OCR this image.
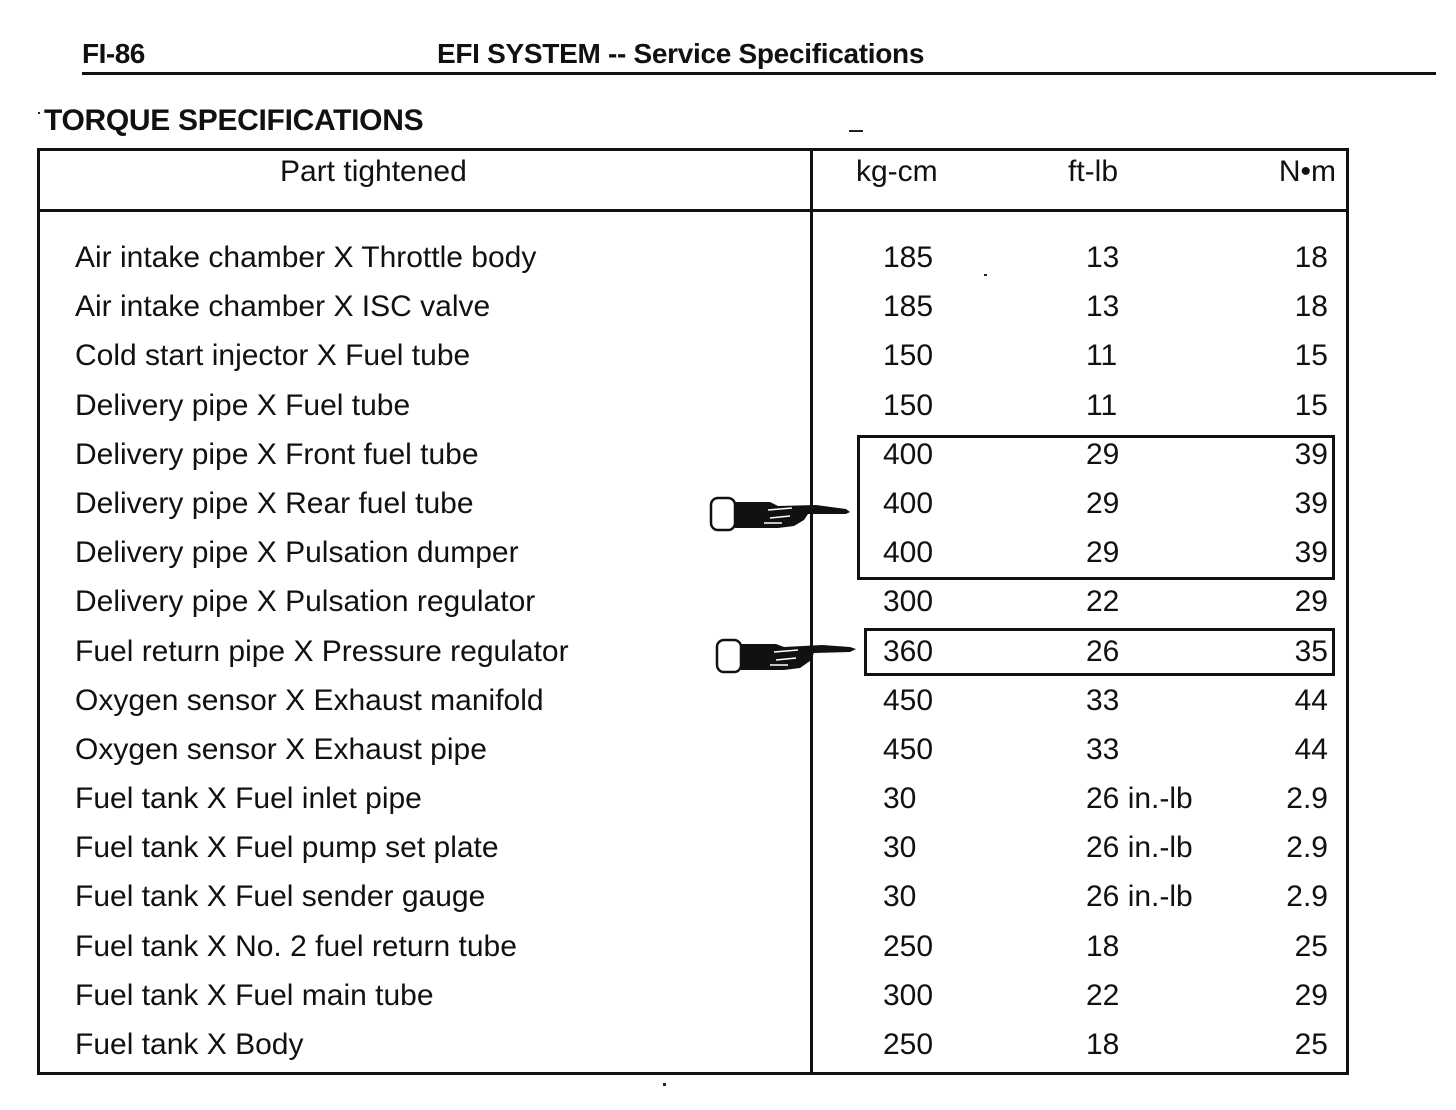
FI-86	EFI SYSTEM -- Service Specifications
TORQUE SPECIFICATIONS
Part tightened	kg-cm	ft-lb	N•m
Air intake chamber X Throttle body	185	13	18
Air intake chamber X ISC valve	185	13	18
Cold start injector X Fuel tube	150	11	15
Delivery pipe X Fuel tube	150	11	15
Delivery pipe X Front fuel tube	400	29	39
Delivery pipe X Rear fuel tube	400	29	39
Delivery pipe X Pulsation dumper	400	29	39
Delivery pipe X Pulsation regulator	300	22	29
Fuel return pipe X Pressure regulator	360	26	35
Oxygen sensor X Exhaust manifold	450	33	44
Oxygen sensor X Exhaust pipe	450	33	44
Fuel tank X Fuel inlet pipe	30	26 in.-lb	2.9
Fuel tank X Fuel pump set plate	30	26 in.-lb	2.9
Fuel tank X Fuel sender gauge	30	26 in.-lb	2.9
Fuel tank X No. 2 fuel return tube	250	18	25
Fuel tank X Fuel main tube	300	22	29
Fuel tank X Body	250	18	25
